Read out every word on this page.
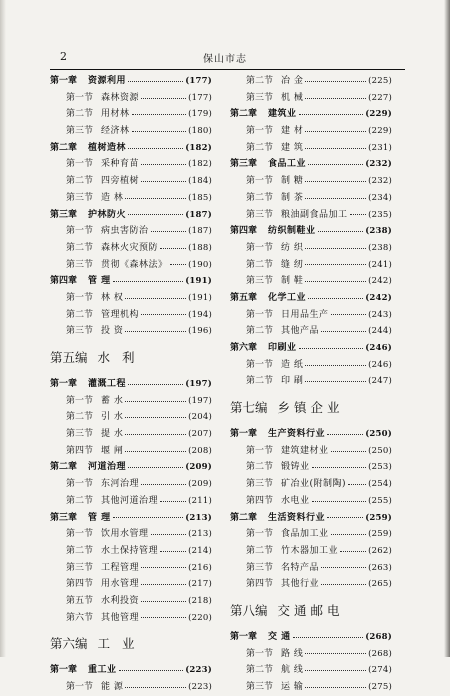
2	保山市志
第一章	资源利用	(177)
第一节 森林资源	(177)
第二节 用材林	(179)
第三节 经济林	(180)
第二章	植树造林	(182)
第一节 采种育苗	(182)
第二节 四旁植树	(184)
第三节 造 林	(185)
第三章	护林防火	(187)
第一节 病虫害防治	(187)
第二节 森林火灾预防	(188)
第三节 贯彻《森林法》 (190)
第四章	管 理	(191)
第一节 林 权	(191)
第二节 管理机构	(194)
第三节 投 资	(196)
第五编 水 利
第一章	灌溉工程	(197)
第一节 蓄 水	(197)
第二节 引 水	(204)
第三节 提 水	(207)
第四节 堰 闸	(208)
第二章	河道治理	(209)
第一节 东河治理	(209)
第二节 其他河道治理	(211)
第三章	管 理	(213)
第一节 饮用水管理	(213)
第二节 水土保持管理	(214)
第三节 工程管理	(216)
第四节 用水管理	(217)
第五节 水利投资	(218)
第六节 其他管理	(220)
第六编 工 业
第一章	重工业	(223)
第一节 能 源	(223)
第二节 冶 金	(225)
第三节 机 械	(227)
第二章	建筑业	(229)
第一节 建 材	(229)
第二节 建 筑	(231)
第三章	食品工业	(232)
第一节 制 糖	(232)
第二节 制 茶	(234)
第三节 粮油副食品加工 (235)
第四章	纺织制鞋业	(238)
第一节 纺 织	(238)
第二节 缝 纫	(241)
第三节 制 鞋	(242)
第五章	化学工业	(242)
第一节 日用品生产	(243)
第二节 其他产品	(244)
第六章	印刷业	(246)
第一节 造 纸	(246)
第二节 印 刷	(247)
第七编 乡镇企业
第一章	生产资料行业	(250)
第一节 建筑建材业	(250)
第二节 锻铸业	(253)
第三节 矿冶业(附制陶)	(254)
第四节 水电业	(255)
第二章	生活资料行业	(259)
第一节 食品加工业	(259)
第二节 竹木器加工业	(262)
第三节 名特产品	(263)
第四节 其他行业	(265)
第八编 交通邮电
第一章	交 通	(268)
第一节 路 线	(268)
第二节 航 线	(274)
第三节 运 输	(275)
